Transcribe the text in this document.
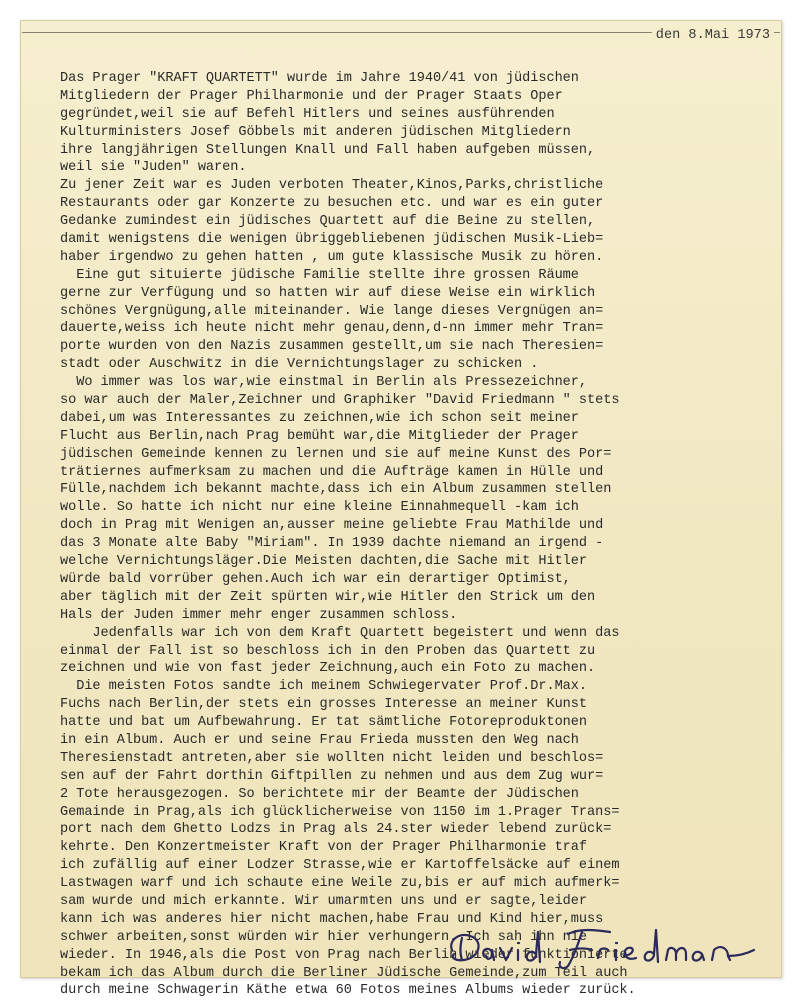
den 8.Mai 1973
Das Prager "KRAFT QUARTETT" wurde im Jahre 1940/41 von jüdischen
Mitgliedern der Prager Philharmonie und der Prager Staats Oper
gegründet,weil sie auf Befehl Hitlers und seines ausführenden
Kulturministers Josef Göbbels mit anderen jüdischen Mitgliedern
ihre langjährigen Stellungen Knall und Fall haben aufgeben müssen,
weil sie "Juden" waren.
Zu jener Zeit war es Juden verboten Theater,Kinos,Parks,christliche
Restaurants oder gar Konzerte zu besuchen etc. und war es ein guter
Gedanke zumindest ein jüdisches Quartett auf die Beine zu stellen,
damit wenigstens die wenigen übriggebliebenen jüdischen Musik-Lieb=
haber irgendwo zu gehen hatten , um gute klassische Musik zu hören.
Eine gut situierte jüdische Familie stellte ihre grossen Räume
gerne zur Verfügung und so hatten wir auf diese Weise ein wirklich
schönes Vergnügung,alle miteinander. Wie lange dieses Vergnügen an=
dauerte,weiss ich heute nicht mehr genau,denn,d-nn immer mehr Tran=
porte wurden von den Nazis zusammen gestellt,um sie nach Theresien=
stadt oder Auschwitz in die Vernichtungslager zu schicken .
Wo immer was los war,wie einstmal in Berlin als Pressezeichner,
so war auch der Maler,Zeichner und Graphiker "David Friedmann " stets
dabei,um was Interessantes zu zeichnen,wie ich schon seit meiner
Flucht aus Berlin,nach Prag bemüht war,die Mitglieder der Prager
jüdischen Gemeinde kennen zu lernen und sie auf meine Kunst des Por=
trätiernes aufmerksam zu machen und die Aufträge kamen in Hülle und
Fülle,nachdem ich bekannt machte,dass ich ein Album zusammen stellen
wolle. So hatte ich nicht nur eine kleine Einnahmequell -kam ich
doch in Prag mit Wenigen an,ausser meine geliebte Frau Mathilde und
das 3 Monate alte Baby "Miriam". In 1939 dachte niemand an irgend -
welche Vernichtungsläger.Die Meisten dachten,die Sache mit Hitler
würde bald vorrüber gehen.Auch ich war ein derartiger Optimist,
aber täglich mit der Zeit spürten wir,wie Hitler den Strick um den
Hals der Juden immer mehr enger zusammen schloss.
Jedenfalls war ich von dem Kraft Quartett begeistert und wenn das
einmal der Fall ist so beschloss ich in den Proben das Quartett zu
zeichnen und wie von fast jeder Zeichnung,auch ein Foto zu machen.
Die meisten Fotos sandte ich meinem Schwiegervater Prof.Dr.Max.
Fuchs nach Berlin,der stets ein grosses Interesse an meiner Kunst
hatte und bat um Aufbewahrung. Er tat sämtliche Fotoreproduktonen
in ein Album. Auch er und seine Frau Frieda mussten den Weg nach
Theresienstadt antreten,aber sie wollten nicht leiden und beschlos=
sen auf der Fahrt dorthin Giftpillen zu nehmen und aus dem Zug wur=
2 Tote herausgezogen. So berichtete mir der Beamte der Jüdischen
Gemainde in Prag,als ich glücklicherweise von 1150 im 1.Prager Trans=
port nach dem Ghetto Lodzs in Prag als 24.ster wieder lebend zurück=
kehrte. Den Konzertmeister Kraft von der Prager Philharmonie traf
ich zufällig auf einer Lodzer Strasse,wie er Kartoffelsäcke auf einem
Lastwagen warf und ich schaute eine Weile zu,bis er auf mich aufmerk=
sam wurde und mich erkannte. Wir umarmten uns und er sagte,leider
kann ich was anderes hier nicht machen,habe Frau und Kind hier,muss
schwer arbeiten,sonst würden wir hier verhungern. Ich sah ihn nie
wieder. In 1946,als die Post von Prag nach Berlin wieder funktionierte
bekam ich das Album durch die Berliner Jüdische Gemeinde,zum Teil auch
durch meine Schwagerin Käthe etwa 60 Fotos meines Albums wieder zurück.
